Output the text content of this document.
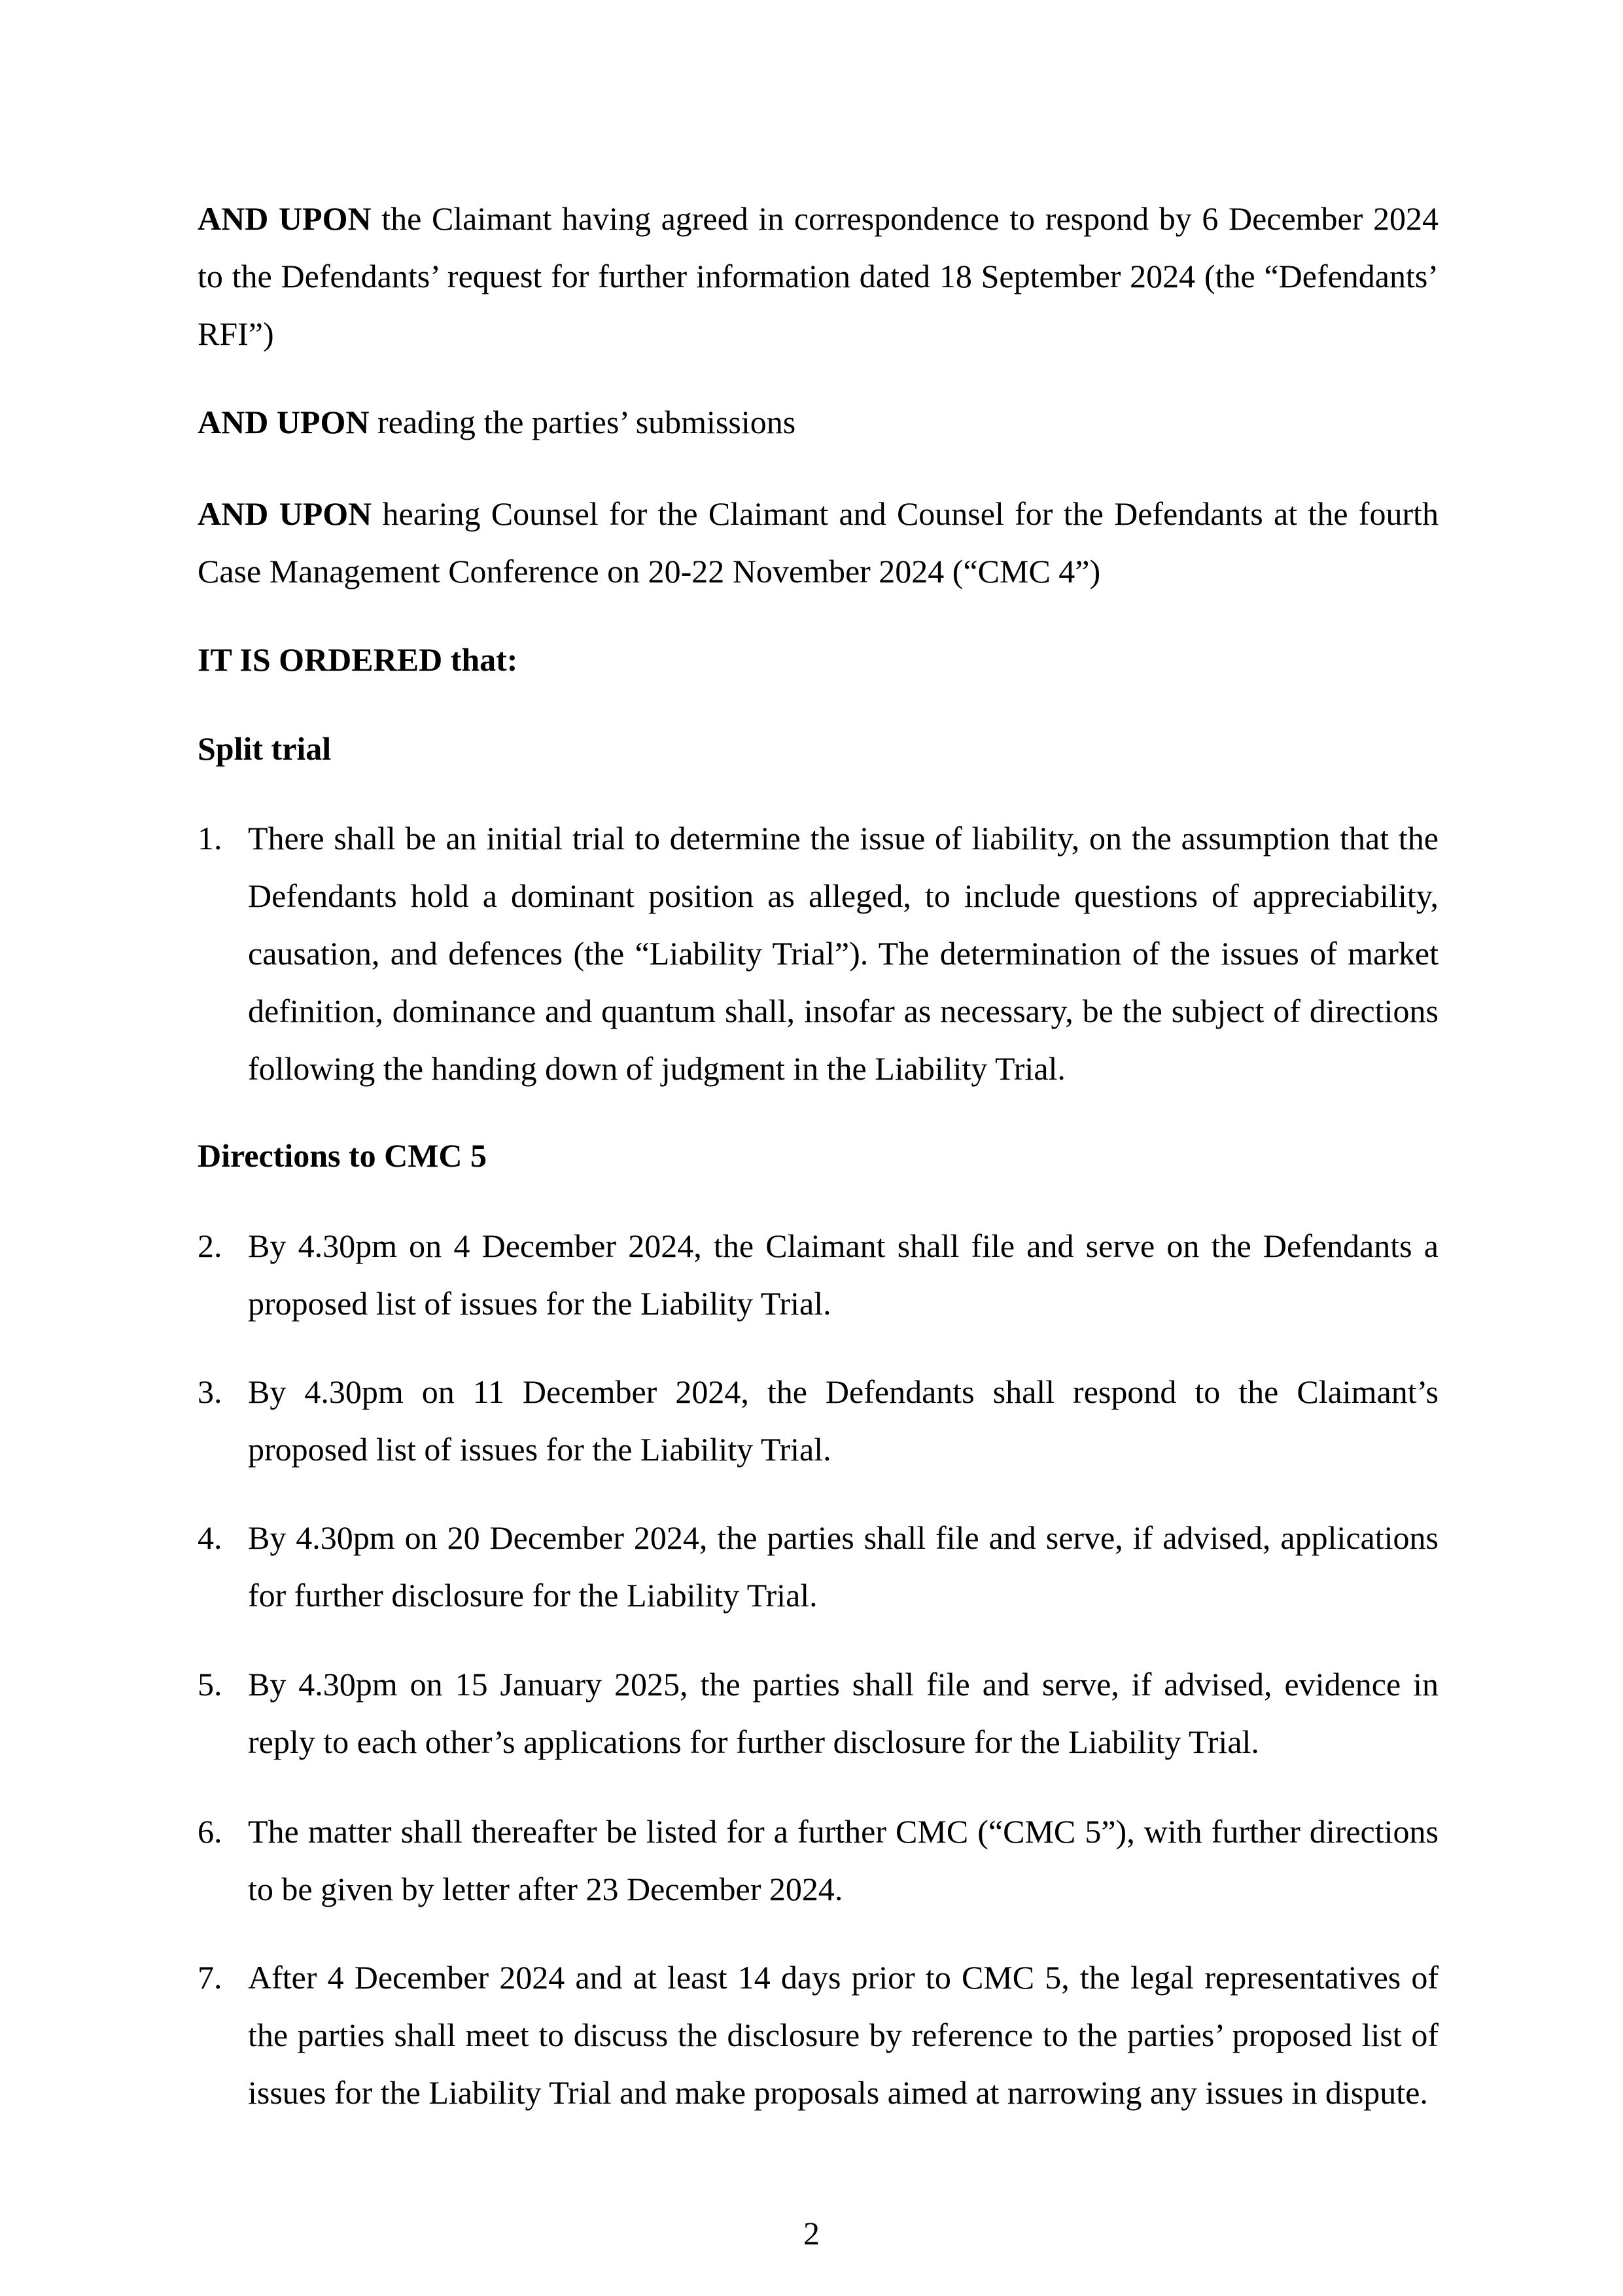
AND UPON the Claimant having agreed in correspondence to respond by 6 December 2024 to the Defendants’ request for further information dated 18 September 2024 (the “Defendants’ RFI”)

AND UPON reading the parties’ submissions

AND UPON hearing Counsel for the Claimant and Counsel for the Defendants at the fourth Case Management Conference on 20-22 November 2024 (“CMC 4”)

IT IS ORDERED that:

Split trial

1. There shall be an initial trial to determine the issue of liability, on the assumption that the Defendants hold a dominant position as alleged, to include questions of appreciability, causation, and defences (the “Liability Trial”). The determination of the issues of market definition, dominance and quantum shall, insofar as necessary, be the subject of directions following the handing down of judgment in the Liability Trial.

Directions to CMC 5

2. By 4.30pm on 4 December 2024, the Claimant shall file and serve on the Defendants a proposed list of issues for the Liability Trial.
3. By 4.30pm on 11 December 2024, the Defendants shall respond to the Claimant’s proposed list of issues for the Liability Trial.
4. By 4.30pm on 20 December 2024, the parties shall file and serve, if advised, applications for further disclosure for the Liability Trial.
5. By 4.30pm on 15 January 2025, the parties shall file and serve, if advised, evidence in reply to each other’s applications for further disclosure for the Liability Trial.
6. The matter shall thereafter be listed for a further CMC (“CMC 5”), with further directions to be given by letter after 23 December 2024.
7. After 4 December 2024 and at least 14 days prior to CMC 5, the legal representatives of the parties shall meet to discuss the disclosure by reference to the parties’ proposed list of issues for the Liability Trial and make proposals aimed at narrowing any issues in dispute.
2
